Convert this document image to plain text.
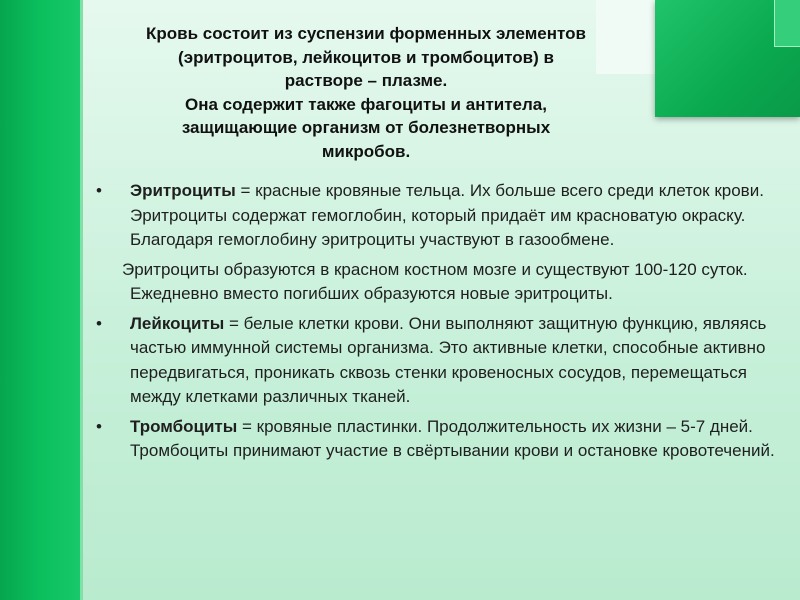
Кровь состоит из суспензии форменных элементов
(эритроцитов, лейкоцитов и тромбоцитов) в
растворе – плазме.
Она содержит также фагоциты и антитела,
защищающие организм от болезнетворных
микробов.
•	Эритроциты = красные кровяные тельца. Их больше всего среди клеток крови. Эритроциты содержат гемоглобин, который придаёт им красноватую окраску. Благодаря гемоглобину эритроциты участвуют в газообмене.
Эритроциты образуются в красном костном мозге и существуют 100-120 суток. Ежедневно вместо погибших образуются новые эритроциты.
•	Лейкоциты = белые клетки крови. Они выполняют защитную функцию, являясь частью иммунной системы организма. Это активные клетки, способные активно передвигаться, проникать сквозь стенки кровеносных сосудов, перемещаться между клетками различных тканей.
•	Тромбоциты = кровяные пластинки. Продолжительность их жизни – 5-7 дней. Тромбоциты принимают участие в свёртывании крови и остановке кровотечений.
